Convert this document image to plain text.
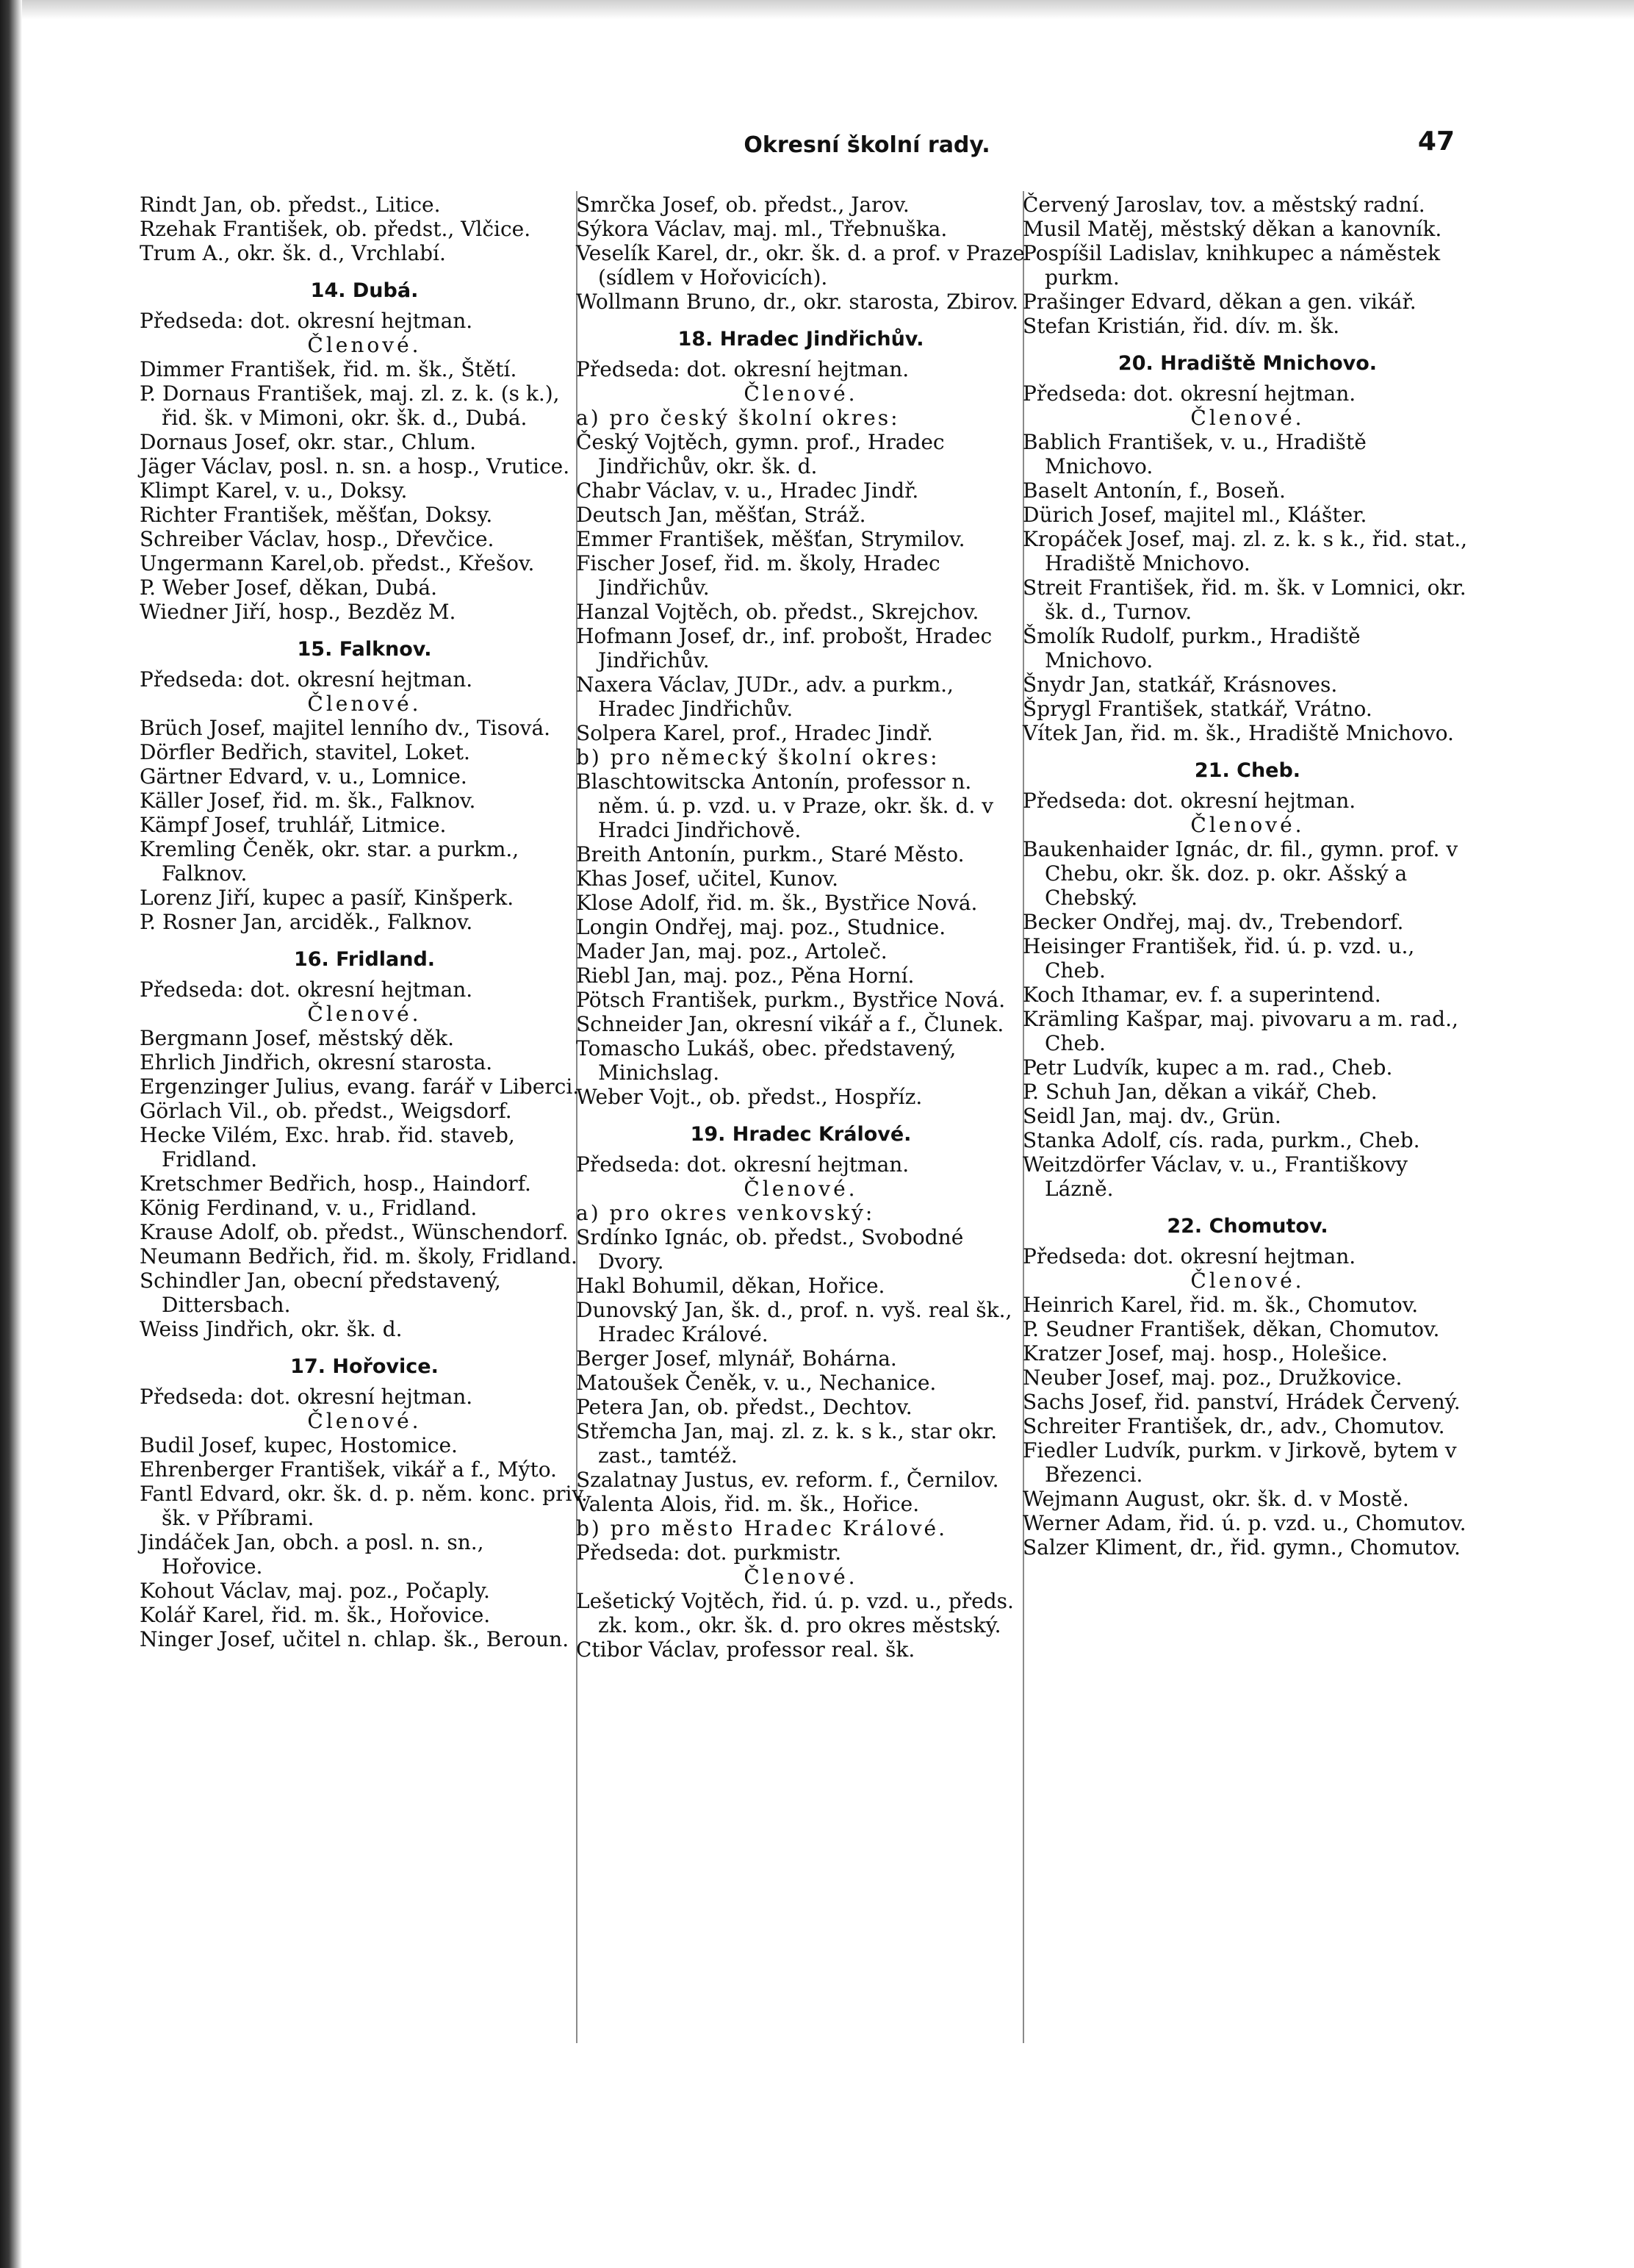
Okresní školní rady.	47
Rindt Jan, ob. předst., Litice.
Rzehak František, ob. předst., Vlčice.
Trum A., okr. šk. d., Vrchlabí.
14. Dubá.
Předseda: dot. okresní hejtman.
Členové.
Dimmer František, řid. m. šk., Štětí.
P. Dornaus František, maj. zl. z. k. (s k.), řid. šk. v Mimoni, okr. šk. d., Dubá.
Dornaus Josef, okr. star., Chlum.
Jäger Václav, posl. n. sn. a hosp., Vrutice.
Klimpt Karel, v. u., Doksy.
Richter František, měšťan, Doksy.
Schreiber Václav, hosp., Dřevčice.
Ungermann Karel,ob. předst., Křešov.
P. Weber Josef, děkan, Dubá.
Wiedner Jiří, hosp., Bezděz M.
15. Falknov.
Předseda: dot. okresní hejtman.
Členové.
Brüch Josef, majitel lenního dv., Tisová.
Dörfler Bedřich, stavitel, Loket.
Gärtner Edvard, v. u., Lomnice.
Käller Josef, řid. m. šk., Falknov.
Kämpf Josef, truhlář, Litmice.
Kremling Čeněk, okr. star. a purkm., Falknov.
Lorenz Jiří, kupec a pasíř, Kinšperk.
P. Rosner Jan, arciděk., Falknov.
16. Fridland.
Předseda: dot. okresní hejtman.
Členové.
Bergmann Josef, městský děk.
Ehrlich Jindřich, okresní starosta.
Ergenzinger Julius, evang. farář v Liberci.
Görlach Vil., ob. předst., Weigsdorf.
Hecke Vilém, Exc. hrab. řid. staveb, Fridland.
Kretschmer Bedřich, hosp., Haindorf.
König Ferdinand, v. u., Fridland.
Krause Adolf, ob. předst., Wünschendorf.
Neumann Bedřich, řid. m. školy, Fridland.
Schindler Jan, obecní představený, Dittersbach.
Weiss Jindřich, okr. šk. d.
17. Hořovice.
Předseda: dot. okresní hejtman.
Členové.
Budil Josef, kupec, Hostomice.
Ehrenberger František, vikář a f., Mýto.
Fantl Edvard, okr. šk. d. p. něm. konc. priv. šk. v Příbrami.
Jindáček Jan, obch. a posl. n. sn., Hořovice.
Kohout Václav, maj. poz., Počaply.
Kolář Karel, řid. m. šk., Hořovice.
Ninger Josef, učitel n. chlap. šk., Beroun.
Smrčka Josef, ob. předst., Jarov.
Sýkora Václav, maj. ml., Třebnuška.
Veselík Karel, dr., okr. šk. d. a prof. v Praze (sídlem v Hořovicích).
Wollmann Bruno, dr., okr. starosta, Zbirov.
18. Hradec Jindřichův.
Předseda: dot. okresní hejtman.
Členové.
a) pro český školní okres:
Český Vojtěch, gymn. prof., Hradec Jindřichův, okr. šk. d.
Chabr Václav, v. u., Hradec Jindř.
Deutsch Jan, měšťan, Stráž.
Emmer František, měšťan, Strymilov.
Fischer Josef, řid. m. školy, Hradec Jindřichův.
Hanzal Vojtěch, ob. předst., Skrejchov.
Hofmann Josef, dr., inf. probošt, Hradec Jindřichův.
Naxera Václav, JUDr., adv. a purkm., Hradec Jindřichův.
Solpera Karel, prof., Hradec Jindř.
b) pro německý školní okres:
Blaschtowitscka Antonín, professor n. něm. ú. p. vzd. u. v Praze, okr. šk. d. v Hradci Jindřichově.
Breith Antonín, purkm., Staré Město.
Khas Josef, učitel, Kunov.
Klose Adolf, řid. m. šk., Bystřice Nová.
Longin Ondřej, maj. poz., Studnice.
Mader Jan, maj. poz., Artoleč.
Riebl Jan, maj. poz., Pěna Horní.
Pötsch František, purkm., Bystřice Nová.
Schneider Jan, okresní vikář a f., Člunek.
Tomascho Lukáš, obec. představený, Minichslag.
Weber Vojt., ob. předst., Hospříz.
19. Hradec Králové.
Předseda: dot. okresní hejtman.
Členové.
a) pro okres venkovský:
Srdínko Ignác, ob. předst., Svobodné Dvory.
Hakl Bohumil, děkan, Hořice.
Dunovský Jan, šk. d., prof. n. vyš. real šk., Hradec Králové.
Berger Josef, mlynář, Bohárna.
Matoušek Čeněk, v. u., Nechanice.
Petera Jan, ob. předst., Dechtov.
Střemcha Jan, maj. zl. z. k. s k., star okr. zast., tamtéž.
Szalatnay Justus, ev. reform. f., Černilov.
Valenta Alois, řid. m. šk., Hořice.
b) pro město Hradec Králové.
Předseda: dot. purkmistr.
Členové.
Lešetický Vojtěch, řid. ú. p. vzd. u., předs. zk. kom., okr. šk. d. pro okres městský.
Ctibor Václav, professor real. šk.
Červený Jaroslav, tov. a městský radní.
Musil Matěj, městský děkan a kanovník.
Pospíšil Ladislav, knihkupec a náměstek purkm.
Prašinger Edvard, děkan a gen. vikář.
Stefan Kristián, řid. dív. m. šk.
20. Hradiště Mnichovo.
Předseda: dot. okresní hejtman.
Členové.
Bablich František, v. u., Hradiště Mnichovo.
Baselt Antonín, f., Boseň.
Dürich Josef, majitel ml., Klášter.
Kropáček Josef, maj. zl. z. k. s k., řid. stat., Hradiště Mnichovo.
Streit František, řid. m. šk. v Lomnici, okr. šk. d., Turnov.
Šmolík Rudolf, purkm., Hradiště Mnichovo.
Šnydr Jan, statkář, Krásnoves.
Šprygl František, statkář, Vrátno.
Vítek Jan, řid. m. šk., Hradiště Mnichovo.
21. Cheb.
Předseda: dot. okresní hejtman.
Členové.
Baukenhaider Ignác, dr. fil., gymn. prof. v Chebu, okr. šk. doz. p. okr. Ašský a Chebský.
Becker Ondřej, maj. dv., Trebendorf.
Heisinger František, řid. ú. p. vzd. u., Cheb.
Koch Ithamar, ev. f. a superintend.
Krämling Kašpar, maj. pivovaru a m. rad., Cheb.
Petr Ludvík, kupec a m. rad., Cheb.
P. Schuh Jan, děkan a vikář, Cheb.
Seidl Jan, maj. dv., Grün.
Stanka Adolf, cís. rada, purkm., Cheb.
Weitzdörfer Václav, v. u., Františkovy Lázně.
22. Chomutov.
Předseda: dot. okresní hejtman.
Členové.
Heinrich Karel, řid. m. šk., Chomutov.
P. Seudner František, děkan, Chomutov.
Kratzer Josef, maj. hosp., Holešice.
Neuber Josef, maj. poz., Družkovice.
Sachs Josef, řid. panství, Hrádek Červený.
Schreiter František, dr., adv., Chomutov.
Fiedler Ludvík, purkm. v Jirkově, bytem v Březenci.
Wejmann August, okr. šk. d. v Mostě.
Werner Adam, řid. ú. p. vzd. u., Chomutov.
Salzer Kliment, dr., řid. gymn., Chomutov.
